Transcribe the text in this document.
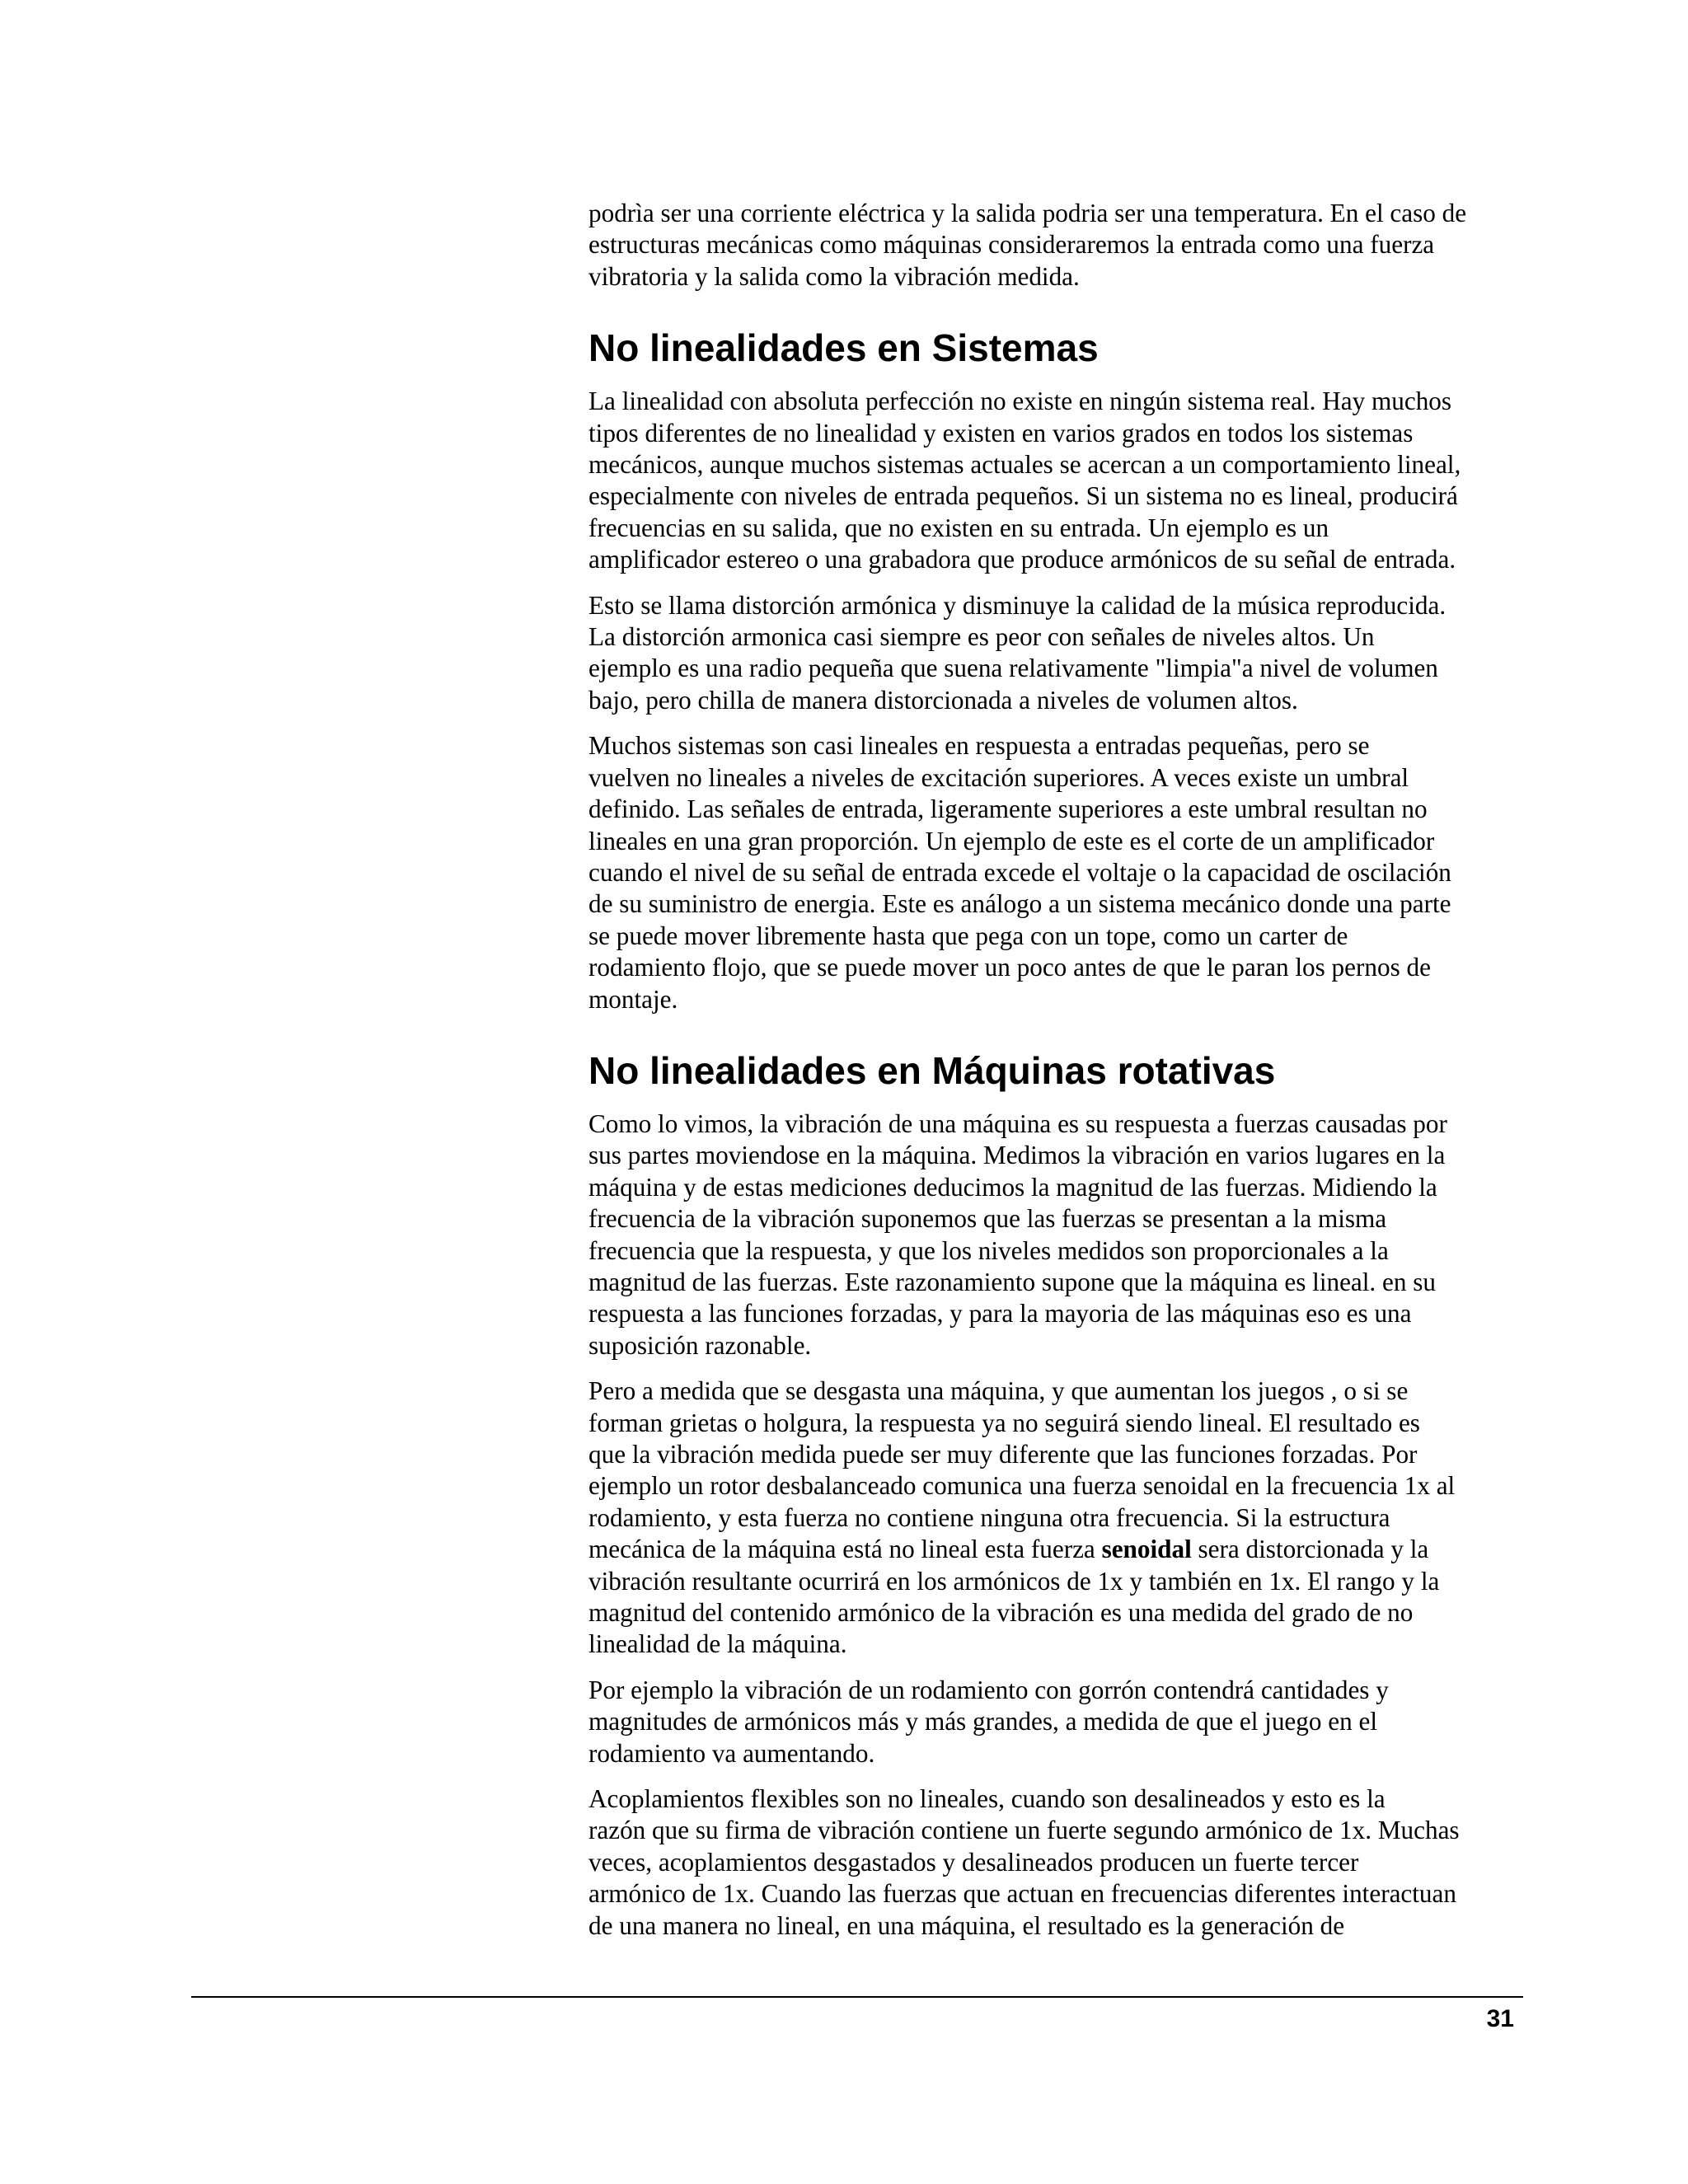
podrìa ser una corriente eléctrica y la salida podria ser una temperatura. En el caso de
estructuras mecánicas como máquinas consideraremos la entrada como una fuerza
vibratoria y la salida como la vibración medida.

No linealidades en Sistemas

La linealidad con absoluta perfección no existe en ningún sistema real. Hay muchos
tipos diferentes de no linealidad y existen en varios grados en todos los sistemas
mecánicos, aunque muchos sistemas actuales se acercan a un comportamiento lineal,
especialmente con niveles de entrada pequeños. Si un sistema no es lineal, producirá
frecuencias en su salida, que no existen en su entrada. Un ejemplo es un
amplificador estereo o una grabadora que produce armónicos de su señal de entrada.

Esto se llama distorción armónica y disminuye la calidad de la música reproducida.
La distorción armonica casi siempre es peor con señales de niveles altos. Un
ejemplo es una radio pequeña que suena relativamente "limpia"a nivel de volumen
bajo, pero chilla de manera distorcionada a niveles de volumen altos.

Muchos sistemas son casi lineales en respuesta a entradas pequeñas, pero se
vuelven no lineales a niveles de excitación superiores. A veces existe un umbral
definido. Las señales de entrada, ligeramente superiores a este umbral resultan no
lineales en una gran proporción. Un ejemplo de este es el corte de un amplificador
cuando el nivel de su señal de entrada excede el voltaje o la capacidad de oscilación
de su suministro de energia. Este es análogo a un sistema mecánico donde una parte
se puede mover libremente hasta que pega con un tope, como un carter de
rodamiento flojo, que se puede mover un poco antes de que le paran los pernos de
montaje.

No linealidades en Máquinas rotativas

Como lo vimos, la vibración de una máquina es su respuesta a fuerzas causadas por
sus partes moviendose en la máquina. Medimos la vibración en varios lugares en la
máquina y de estas mediciones deducimos la magnitud de las fuerzas. Midiendo la
frecuencia de la vibración suponemos que las fuerzas se presentan a la misma
frecuencia que la respuesta, y que los niveles medidos son proporcionales a la
magnitud de las fuerzas. Este razonamiento supone que la máquina es lineal. en su
respuesta a las funciones forzadas, y para la mayoria de las máquinas eso es una
suposición razonable.

Pero a medida que se desgasta una máquina, y que aumentan los juegos , o si se
forman grietas o holgura, la respuesta ya no seguirá siendo lineal. El resultado es
que la vibración medida puede ser muy diferente que las funciones forzadas. Por
ejemplo un rotor desbalanceado comunica una fuerza senoidal en la frecuencia 1x al
rodamiento, y esta fuerza no contiene ninguna otra frecuencia. Si la estructura
mecánica de la máquina está no lineal esta fuerza senoidal sera distorcionada y la
vibración resultante ocurrirá en los armónicos de 1x y también en 1x. El rango y la
magnitud del contenido armónico de la vibración es una medida del grado de no
linealidad de la máquina.

Por ejemplo la vibración de un rodamiento con gorrón contendrá cantidades y
magnitudes de armónicos más y más grandes, a medida de que el juego en el
rodamiento va aumentando.

Acoplamientos flexibles son no lineales, cuando son desalineados y esto es la
razón que su firma de vibración contiene un fuerte segundo armónico de 1x. Muchas
veces, acoplamientos desgastados y desalineados producen un fuerte tercer
armónico de 1x. Cuando las fuerzas que actuan en frecuencias diferentes interactuan
de una manera no lineal, en una máquina, el resultado es la generación de

31
